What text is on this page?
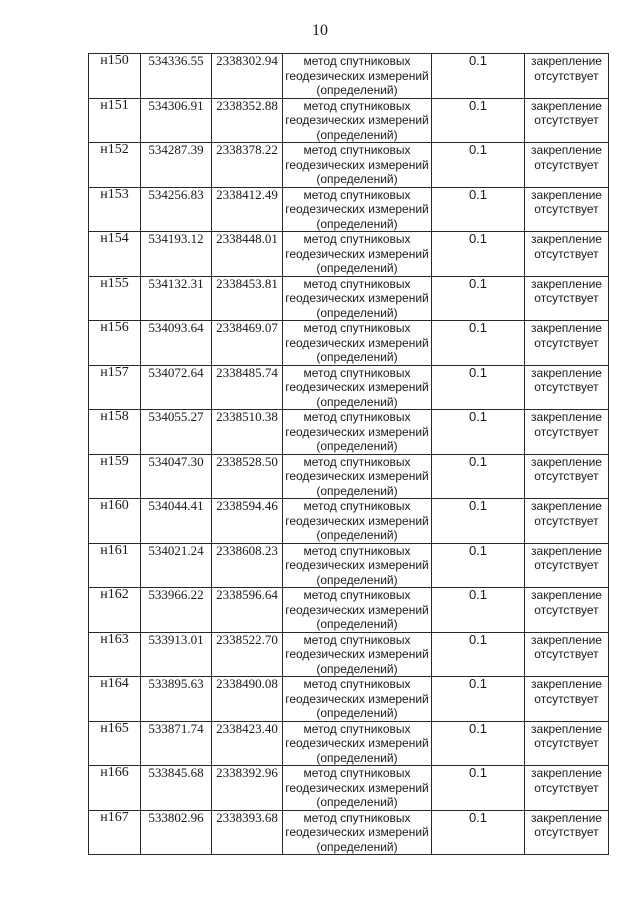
10
н150	534336.55	2338302.94	метод спутниковых
геодезических измерений
(определений)	0.1	закрепление
отсутствует

н151	534306.91	2338352.88	метод спутниковых
геодезических измерений
(определений)	0.1	закрепление
отсутствует

н152	534287.39	2338378.22	метод спутниковых
геодезических измерений
(определений)	0.1	закрепление
отсутствует

н153	534256.83	2338412.49	метод спутниковых
геодезических измерений
(определений)	0.1	закрепление
отсутствует

н154	534193.12	2338448.01	метод спутниковых
геодезических измерений
(определений)	0.1	закрепление
отсутствует

н155	534132.31	2338453.81	метод спутниковых
геодезических измерений
(определений)	0.1	закрепление
отсутствует

н156	534093.64	2338469.07	метод спутниковых
геодезических измерений
(определений)	0.1	закрепление
отсутствует

н157	534072.64	2338485.74	метод спутниковых
геодезических измерений
(определений)	0.1	закрепление
отсутствует

н158	534055.27	2338510.38	метод спутниковых
геодезических измерений
(определений)	0.1	закрепление
отсутствует

н159	534047.30	2338528.50	метод спутниковых
геодезических измерений
(определений)	0.1	закрепление
отсутствует

н160	534044.41	2338594.46	метод спутниковых
геодезических измерений
(определений)	0.1	закрепление
отсутствует

н161	534021.24	2338608.23	метод спутниковых
геодезических измерений
(определений)	0.1	закрепление
отсутствует

н162	533966.22	2338596.64	метод спутниковых
геодезических измерений
(определений)	0.1	закрепление
отсутствует

н163	533913.01	2338522.70	метод спутниковых
геодезических измерений
(определений)	0.1	закрепление
отсутствует

н164	533895.63	2338490.08	метод спутниковых
геодезических измерений
(определений)	0.1	закрепление
отсутствует

н165	533871.74	2338423.40	метод спутниковых
геодезических измерений
(определений)	0.1	закрепление
отсутствует

н166	533845.68	2338392.96	метод спутниковых
геодезических измерений
(определений)	0.1	закрепление
отсутствует

н167	533802.96	2338393.68	метод спутниковых
геодезических измерений
(определений)	0.1	закрепление
отсутствует
